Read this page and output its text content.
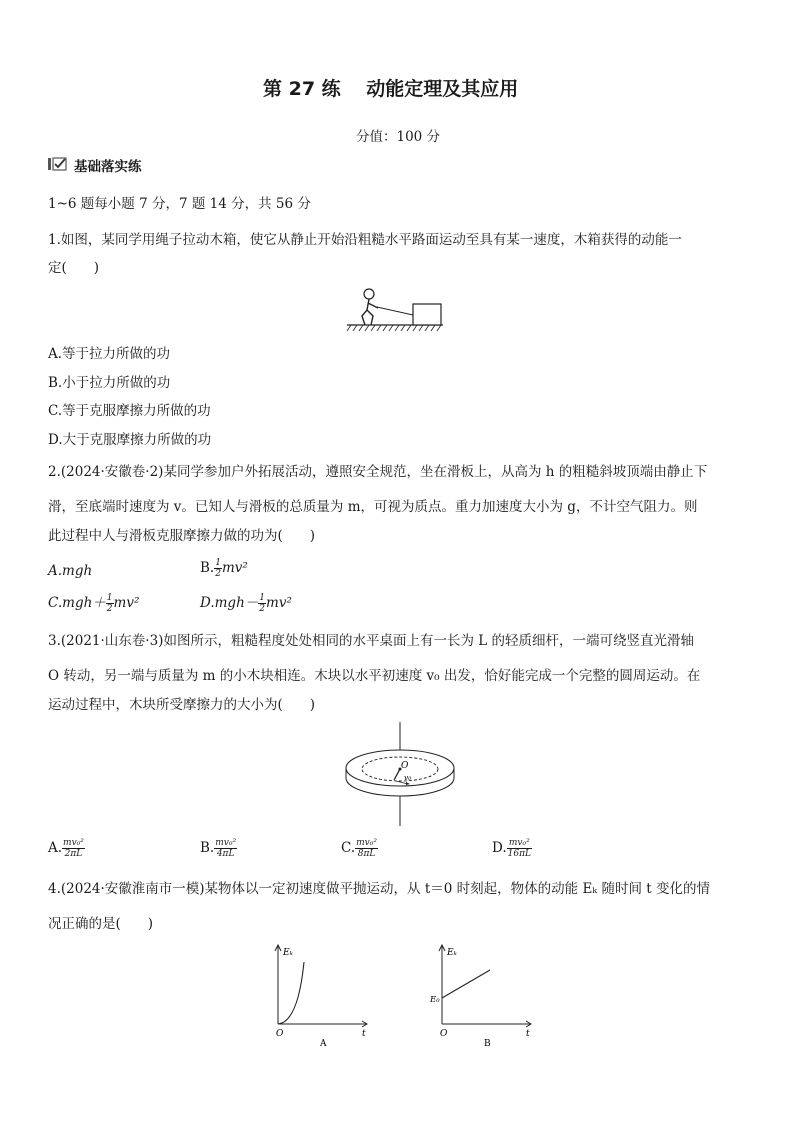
第 27 练　 动能定理及其应用
分值：100 分
基础落实练
1~6 题每小题 7 分，7 题 14 分，共 56 分
1.如图，某同学用绳子拉动木箱，使它从静止开始沿粗糙水平路面运动至具有某一速度，木箱获得的动能一
定(　　)
A.等于拉力所做的功
B.小于拉力所做的功
C.等于克服摩擦力所做的功
D.大于克服摩擦力所做的功
2.(2024·安徽卷·2)某同学参加户外拓展活动，遵照安全规范，坐在滑板上，从高为 h 的粗糙斜坡顶端由静止下
滑，至底端时速度为 v。已知人与滑板的总质量为 m，可视为质点。重力加速度大小为 g，不计空气阻力。则
此过程中人与滑板克服摩擦力做的功为(　　)
A.mgh	B. $\frac{1}{2} mv^2$
$C.mgh+ \frac{1}{2} mv^2$	$D.mgh- \frac{1}{2} mv^2$
3.(2021·山东卷·3)如图所示，粗糙程度处处相同的水平桌面上有一长为 L 的轻质细杆，一端可绕竖直光滑轴
O 转动，另一端与质量为 m 的小木块相连。木块以水平初速度 v₀ 出发，恰好能完成一个完整的圆周运动。在
运动过程中，木块所受摩擦力的大小为(　　)
O
v₀
A. $\frac{\text{mv₀²}}{2\pi L}$	B. $\frac{\text{mv₀²}}{4\pi L}$	C. $\frac{\text{mv₀²}}{8\pi L}$	D. $\frac{\text{mv₀²}}{16\pi L}$
4.(2024·安徽淮南市一模)某物体以一定初速度做平抛运动，从 t＝0 时刻起，物体的动能 Eₖ 随时间 t 变化的情
况正确的是(　　)
Eₖ
t
O
A
Eₖ
t
O
E₀
B
